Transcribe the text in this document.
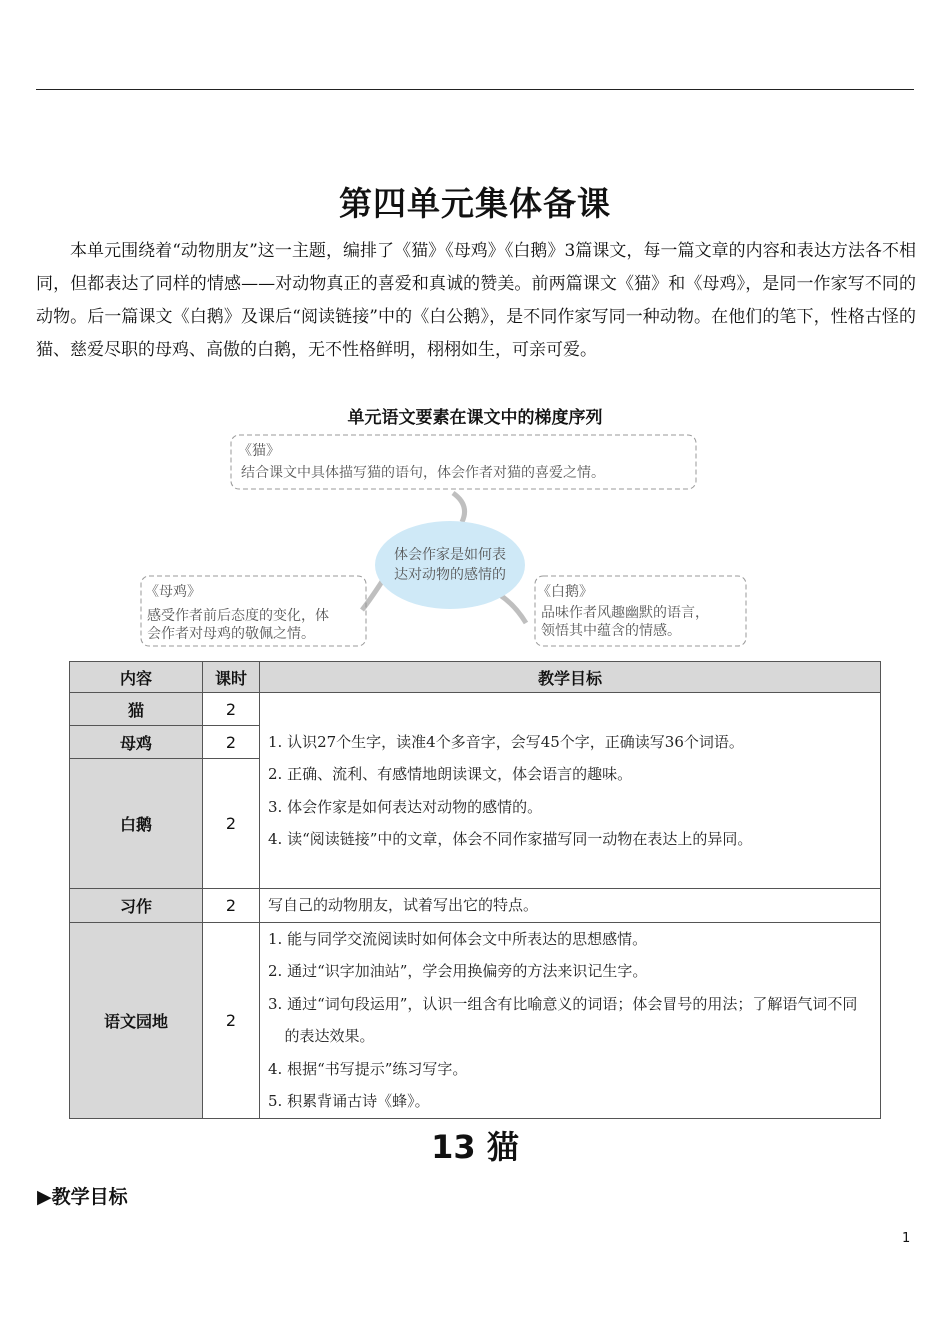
第四单元集体备课

本单元围绕着“动物朋友”这一主题，编排了《猫》《母鸡》《白鹅》3篇课文，每一篇文章的内容和表达方法各不相同，但都表达了同样的情感——对动物真正的喜爱和真诚的赞美。前两篇课文《猫》和《母鸡》，是同一作家写不同的动物。后一篇课文《白鹅》及课后“阅读链接”中的《白公鹅》，是不同作家写同一种动物。在他们的笔下，性格古怪的猫、慈爱尽职的母鸡、高傲的白鹅，无不性格鲜明，栩栩如生，可亲可爱。

单元语文要素在课文中的梯度序列
体会作家是如何表
达对动物的感情的
《猫》
结合课文中具体描写猫的语句，体会作者对猫的喜爱之情。
《母鸡》
感受作者前后态度的变化，体
会作者对母鸡的敬佩之情。
《白鹅》
品味作者风趣幽默的语言，
领悟其中蕴含的情感。
内容	课时	教学目标
猫	2	1. 认识27个生字，读准4个多音字，会写45个字，正确读写36个词语。

2. 正确、流利、有感情地朗读课文，体会语言的趣味。

3. 体会作家是如何表达对动物的感情的。

4. 读“阅读链接”中的文章，体会不同作家描写同一动物在表达上的异同。

母鸡	2	
白鹅	2	
习作	2	写自己的动物朋友，试着写出它的特点。
语文园地	2	1. 能与同学交流阅读时如何体会文中所表达的思想感情。

2. 通过“识字加油站”，学会用换偏旁的方法来识记生字。

3. 通过“词句段运用”，认识一组含有比喻意义的词语；体会冒号的用法；了解语气词不同的表达效果。

4. 根据“书写提示”练习写字。

5. 积累背诵古诗《蜂》。

13 猫
▶教学目标
1
